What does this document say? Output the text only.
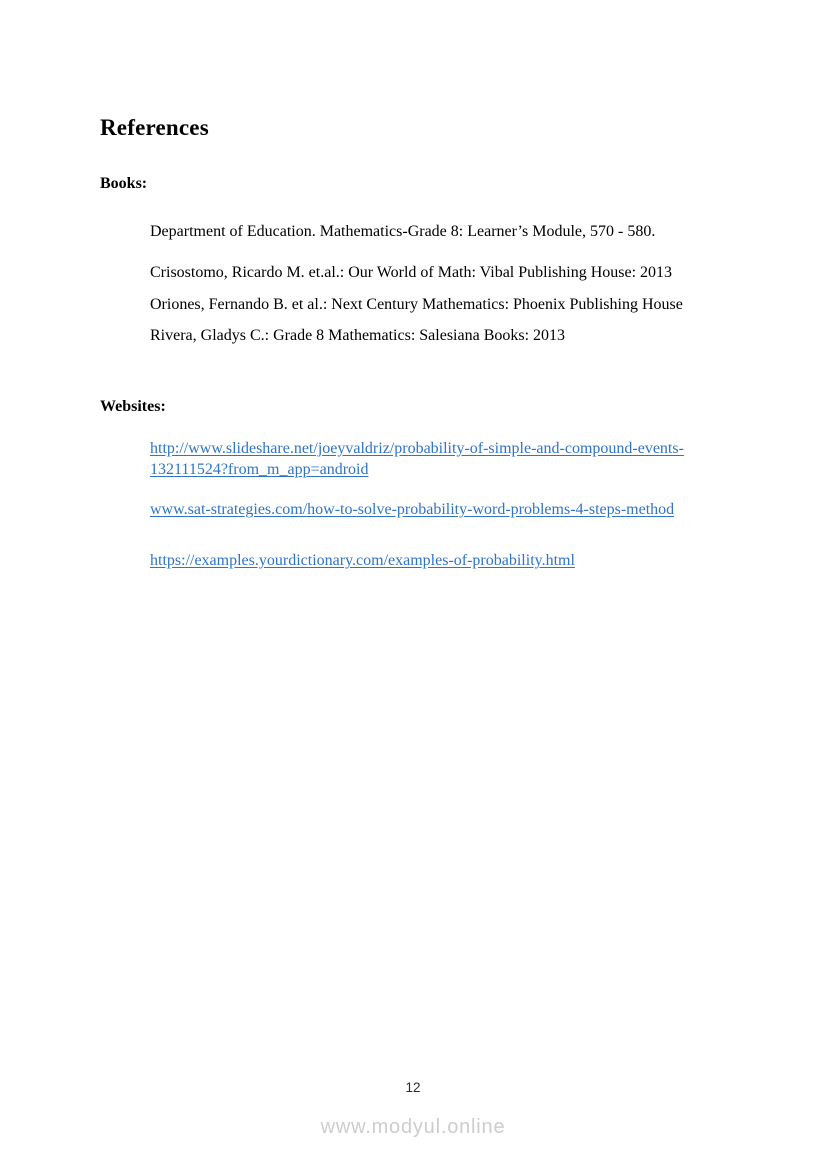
References
Books:

Department of Education. Mathematics-Grade 8: Learner’s Module, 570 - 580.

Crisostomo, Ricardo M. et.al.: Our World of Math: Vibal Publishing House: 2013

Oriones, Fernando B. et al.: Next Century Mathematics: Phoenix Publishing House

Rivera, Gladys C.: Grade 8 Mathematics: Salesiana Books: 2013

Websites:
http://www.slideshare.net/joeyvaldriz/probability-of-simple-and-compound-events-132111524?from_m_app=android
www.sat-strategies.com/how-to-solve-probability-word-problems-4-steps-method
https://examples.yourdictionary.com/examples-of-probability.html
12
www.modyul.online
